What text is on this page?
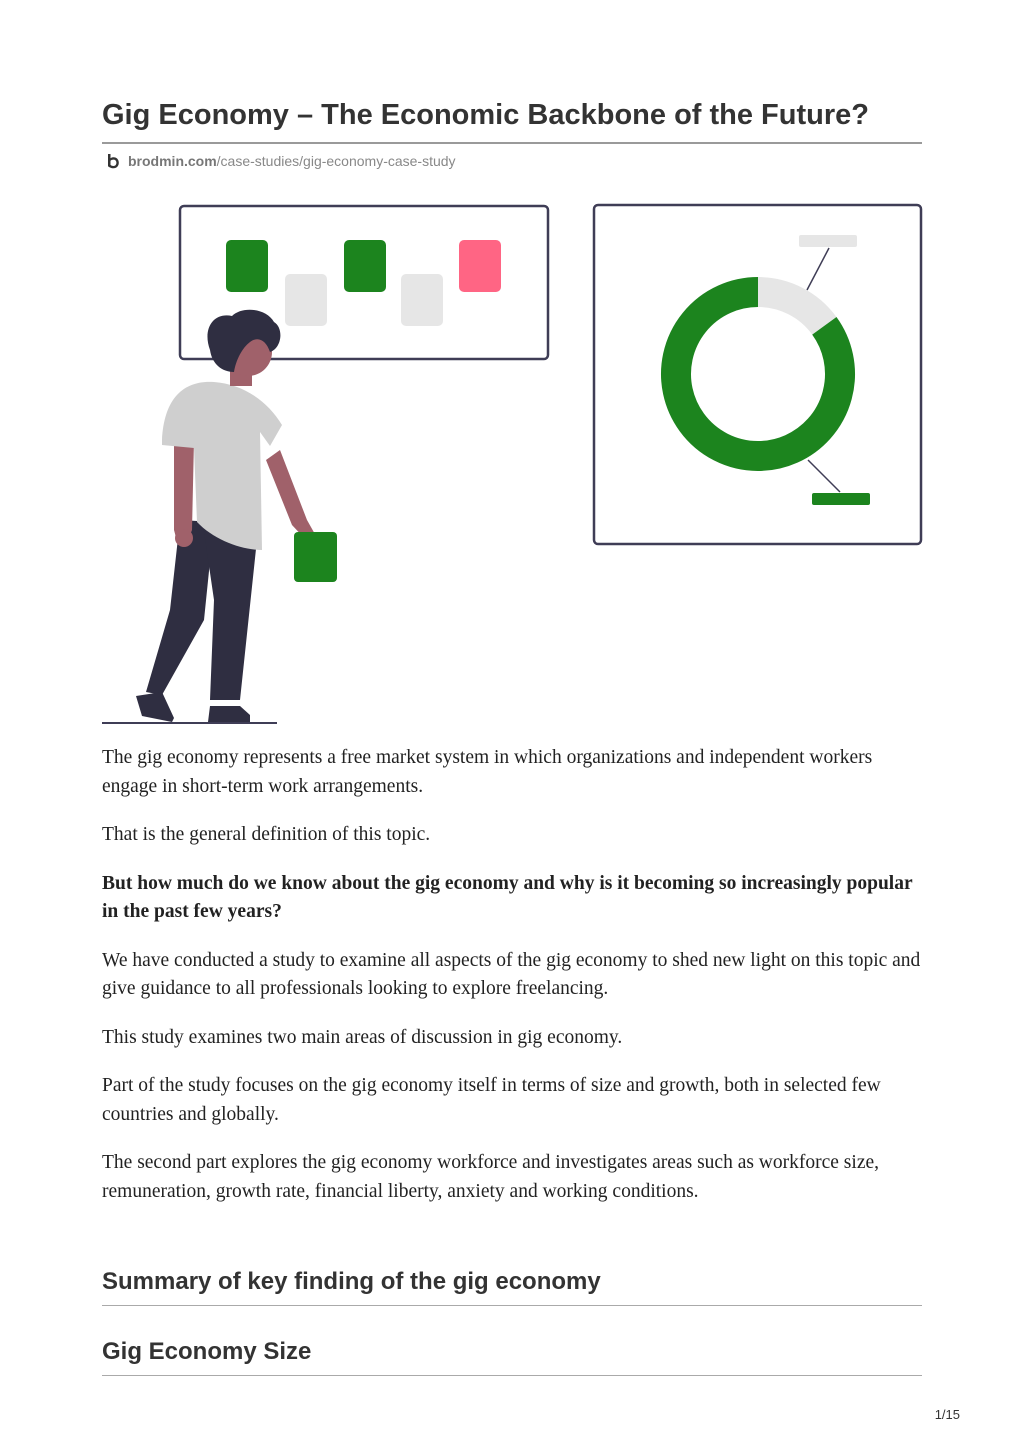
Gig Economy – The Economic Backbone of the Future?
brodmin.com /case-studies/gig-economy-case-study

The gig economy represents a free market system in which organizations and independent workers engage in short-term work arrangements.

That is the general definition of this topic.

But how much do we know about the gig economy and why is it becoming so increasingly popular in the past few years?

We have conducted a study to examine all aspects of the gig economy to shed new light on this topic and give guidance to all professionals looking to explore freelancing.

This study examines two main areas of discussion in gig economy.

Part of the study focuses on the gig economy itself in terms of size and growth, both in selected few countries and globally.

The second part explores the gig economy workforce and investigates areas such as workforce size, remuneration, growth rate, financial liberty, anxiety and working conditions.

Summary of key finding of the gig economy
Gig Economy Size
1/15
